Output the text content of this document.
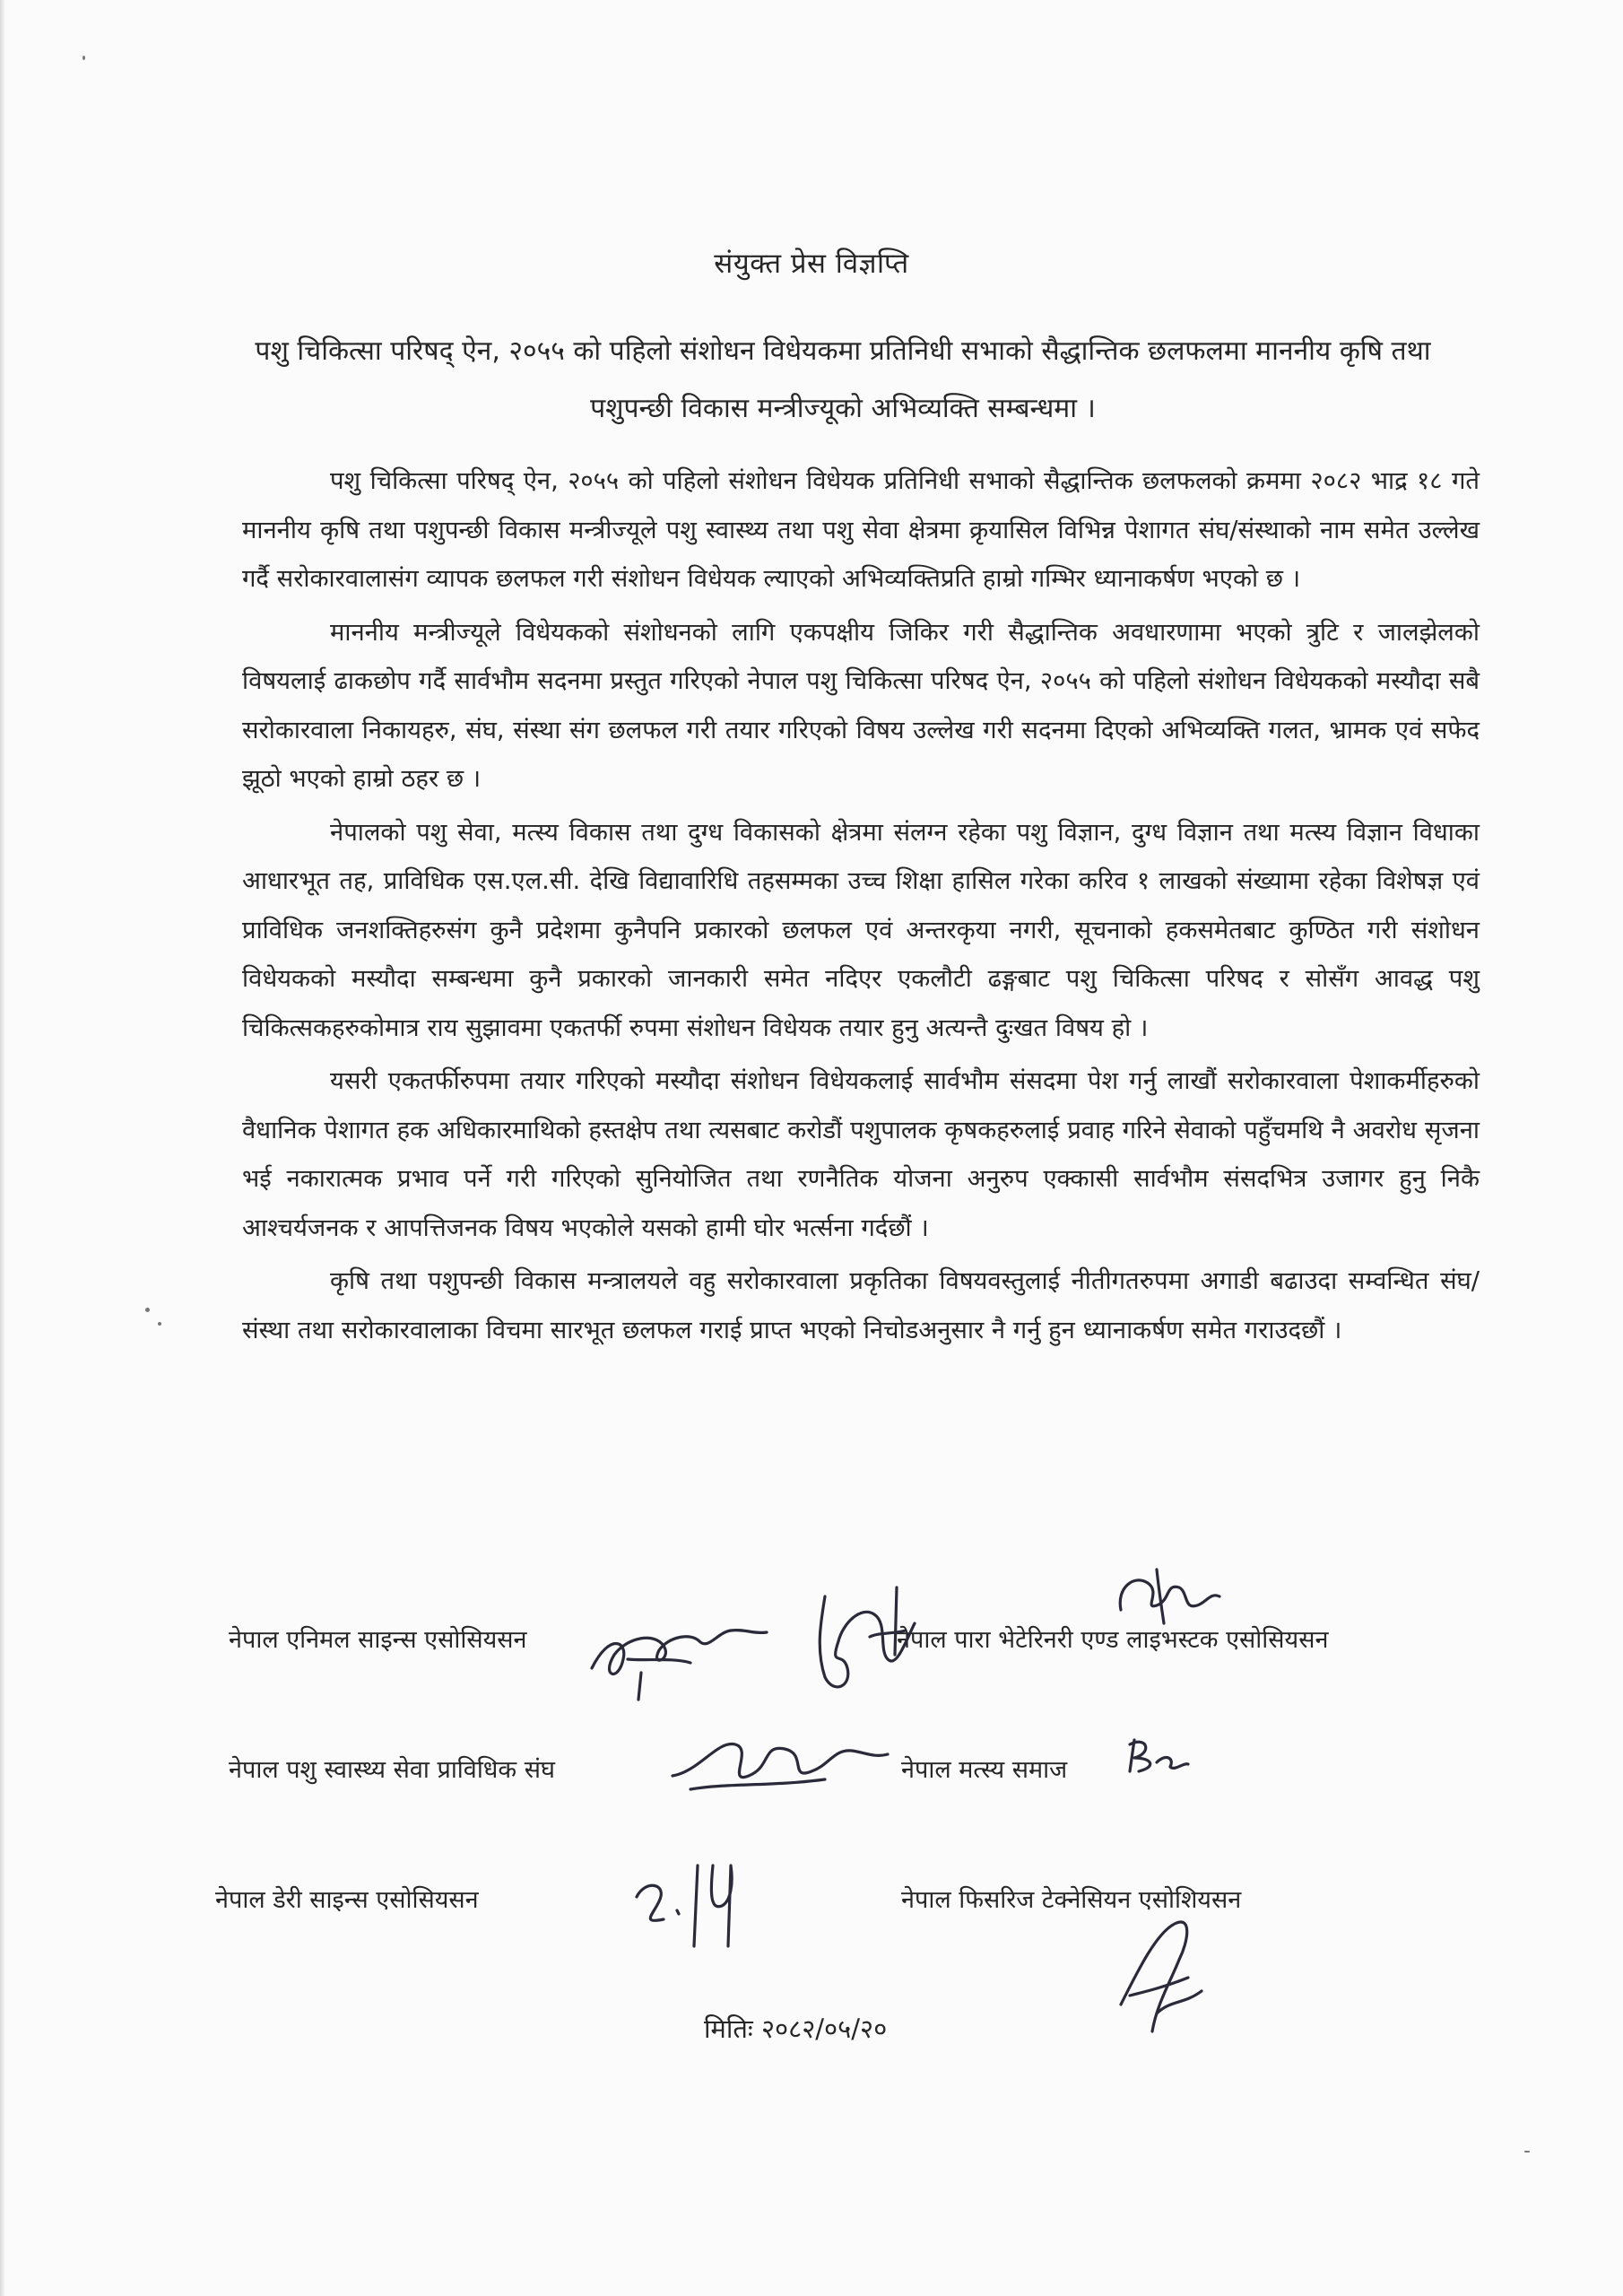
संयुक्त प्रेस विज्ञप्ति
पशु चिकित्सा परिषद् ऐन, २०५५ को पहिलो संशोधन विधेयकमा प्रतिनिधी सभाको सैद्धान्तिक छलफलमा माननीय कृषि तथा पशुपन्छी विकास मन्त्रीज्यूको अभिव्यक्ति सम्बन्धमा ।

पशु चिकित्सा परिषद् ऐन, २०५५ को पहिलो संशोधन विधेयक प्रतिनिधी सभाको सैद्धान्तिक छलफलको क्रममा २०८२ भाद्र १८ गते माननीय कृषि तथा पशुपन्छी विकास मन्त्रीज्यूले पशु स्वास्थ्य तथा पशु सेवा क्षेत्रमा क्रृयासिल विभिन्न पेशागत संघ/संस्थाको नाम समेत उल्लेख गर्दै सरोकारवालासंग व्यापक छलफल गरी संशोधन विधेयक ल्याएको अभिव्यक्तिप्रति हाम्रो गम्भिर ध्यानाकर्षण भएको छ ।

माननीय मन्त्रीज्यूले विधेयकको संशोधनको लागि एकपक्षीय जिकिर गरी सैद्धान्तिक अवधारणामा भएको त्रुटि र जालझेलको विषयलाई ढाकछोप गर्दै सार्वभौम सदनमा प्रस्तुत गरिएको नेपाल पशु चिकित्सा परिषद ऐन, २०५५ को पहिलो संशोधन विधेयकको मस्यौदा सबै सरोकारवाला निकायहरु, संघ, संस्था संग छलफल गरी तयार गरिएको विषय उल्लेख गरी सदनमा दिएको अभिव्यक्ति गलत, भ्रामक एवं सफेद झूठो भएको हाम्रो ठहर छ ।

नेपालको पशु सेवा, मत्स्य विकास तथा दुग्ध विकासको क्षेत्रमा संलग्न रहेका पशु विज्ञान, दुग्ध विज्ञान तथा मत्स्य विज्ञान विधाका आधारभूत तह, प्राविधिक एस.एल.सी. देखि विद्यावारिधि तहसम्मका उच्च शिक्षा हासिल गरेका करिव १ लाखको संख्यामा रहेका विशेषज्ञ एवं प्राविधिक जनशक्तिहरुसंग कुनै प्रदेशमा कुनैपनि प्रकारको छलफल एवं अन्तरकृया नगरी, सूचनाको हकसमेतबाट कुण्ठित गरी संशोधन विधेयकको मस्यौदा सम्बन्धमा कुनै प्रकारको जानकारी समेत नदिएर एकलौटी ढङ्गबाट पशु चिकित्सा परिषद र सोसँग आवद्ध पशु चिकित्सकहरुकोमात्र राय सुझावमा एकतर्फी रुपमा संशोधन विधेयक तयार हुनु अत्यन्तै दुःखत विषय हो ।

यसरी एकतर्फीरुपमा तयार गरिएको मस्यौदा संशोधन विधेयकलाई सार्वभौम संसदमा पेश गर्नु लाखौं सरोकारवाला पेशाकर्मीहरुको वैधानिक पेशागत हक अधिकारमाथिको हस्तक्षेप तथा त्यसबाट करोडौं पशुपालक कृषकहरुलाई प्रवाह गरिने सेवाको पहुँचमथि नै अवरोध सृजना भई नकारात्मक प्रभाव पर्ने गरी गरिएको सुनियोजित तथा रणनैतिक योजना अनुरुप एक्कासी सार्वभौम संसदभित्र उजागर हुनु निकै आश्चर्यजनक र आपत्तिजनक विषय भएकोले यसको हामी घोर भर्त्सना गर्दछौं ।

कृषि तथा पशुपन्छी विकास मन्त्रालयले वहु सरोकारवाला प्रकृतिका विषयवस्तुलाई नीतीगतरुपमा अगाडी बढाउदा सम्वन्धित संघ/संस्था तथा सरोकारवालाका विचमा सारभूत छलफल गराई प्राप्त भएको निचोडअनुसार नै गर्नु हुन ध्यानाकर्षण समेत गराउदछौं ।

नेपाल एनिमल साइन्स एसोसियसन	नेपाल पारा भेटेरिनरी एण्ड लाइभस्टक एसोसियसन
नेपाल पशु स्वास्थ्य सेवा प्राविधिक संघ	नेपाल मत्स्य समाज
नेपाल डेरी साइन्स एसोसियसन	नेपाल फिसरिज टेक्नेसियन एसोशियसन
मितिः २०८२/०५/२०
